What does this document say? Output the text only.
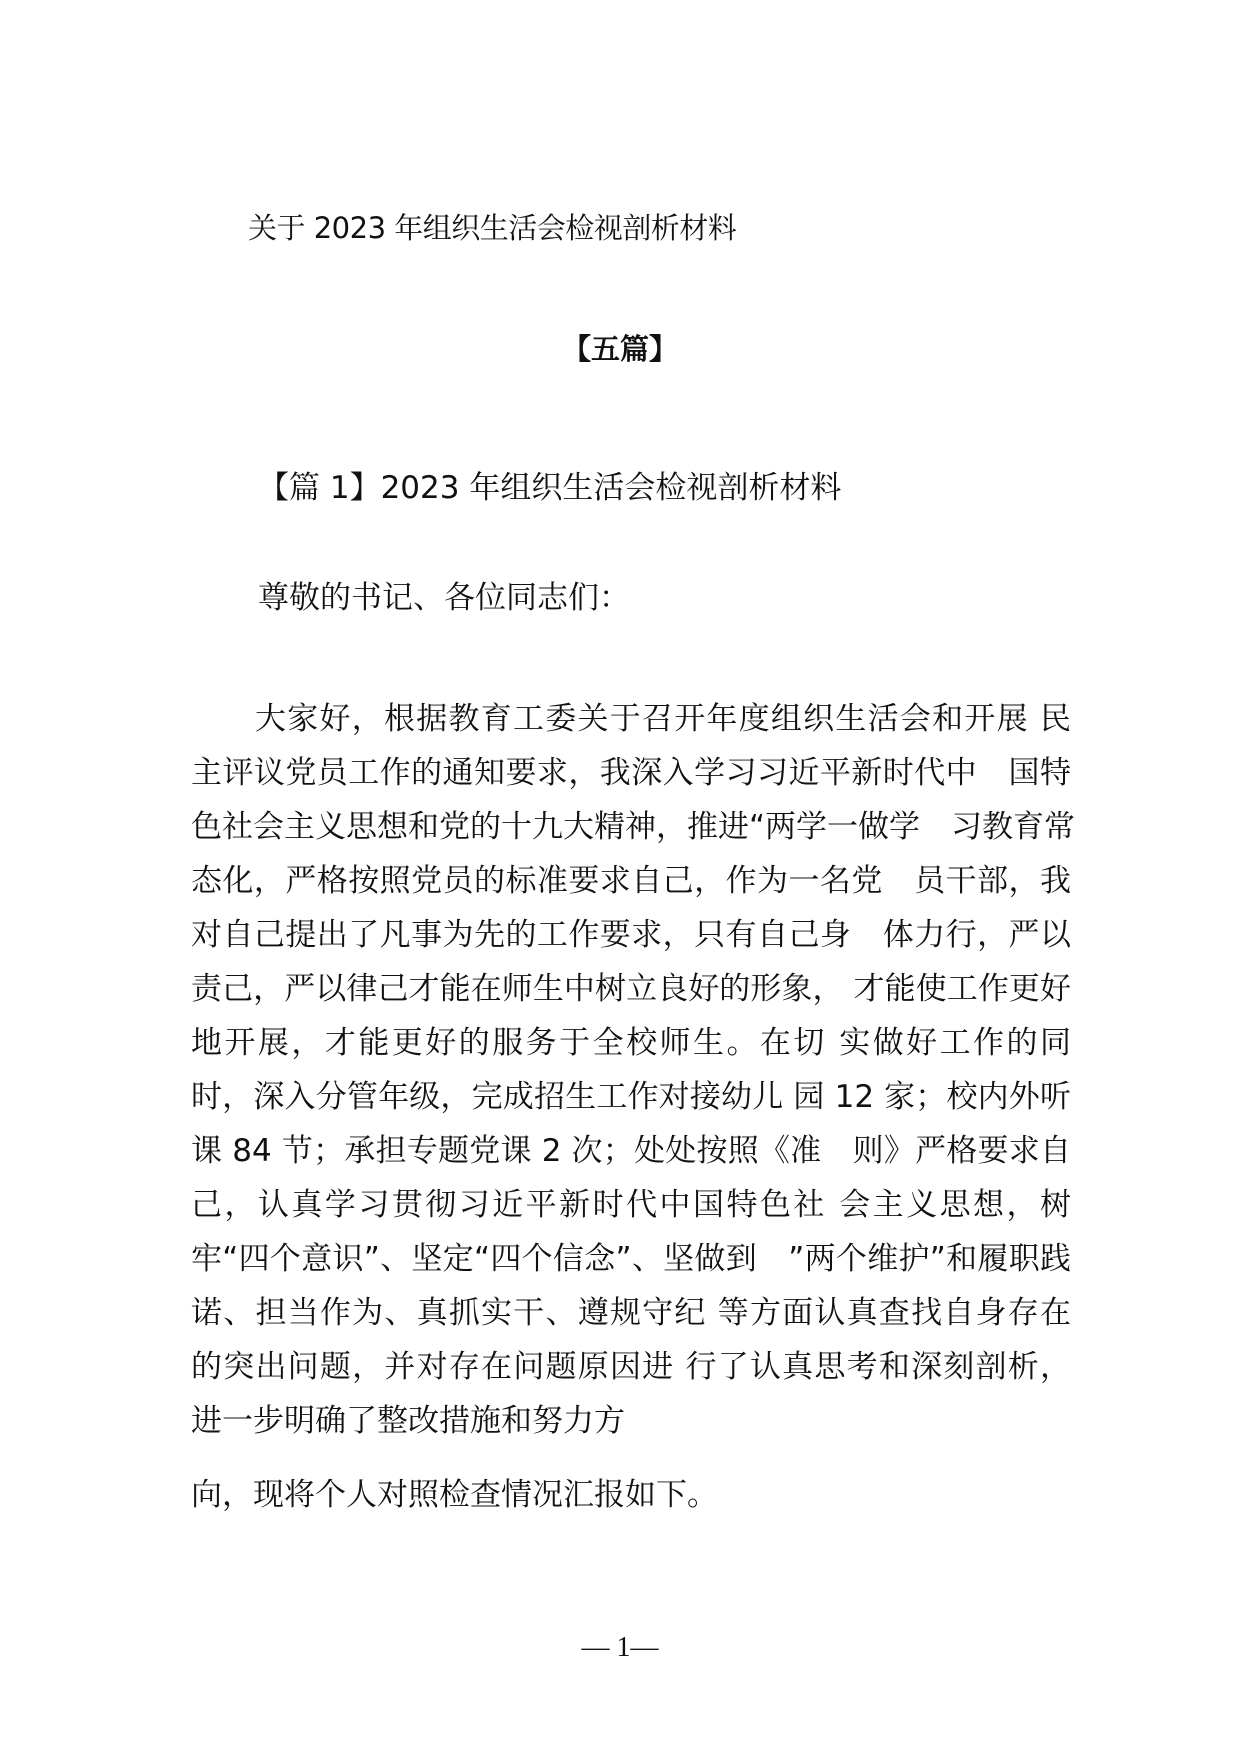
关于 2023 年组织生活会检视剖析材料
【五篇】
【篇 1】2023 年组织生活会检视剖析材料
尊敬的书记、各位同志们：
大家好，根据教育工委关于召开年度组织生活会和开展 民
主评议党员工作的通知要求，我深入学习习近平新时代中　国特
色社会主义思想和党的十九大精神，推进“两学一做学　习教育常
态化，严格按照党员的标准要求自己，作为一名党　员干部，我
对自己提出了凡事为先的工作要求，只有自己身　体力行，严以
责己，严以律己才能在师生中树立良好的形象， 才能使工作更好
地开展，才能更好的服务于全校师生。在切 实做好工作的同
时，深入分管年级，完成招生工作对接幼儿 园 12 家；校内外听
课 84 节；承担专题党课 2 次；处处按照《准　则》严格要求自
己，认真学习贯彻习近平新时代中国特色社 会主义思想，树
牢“四个意识”、坚定“四个信念”、坚做到　”两个维护”和履职践
诺、担当作为、真抓实干、遵规守纪 等方面认真查找自身存在
的突出问题，并对存在问题原因进 行了认真思考和深刻剖析，
进一步明确了整改措施和努力方
向，现将个人对照检查情况汇报如下。
— 1—
